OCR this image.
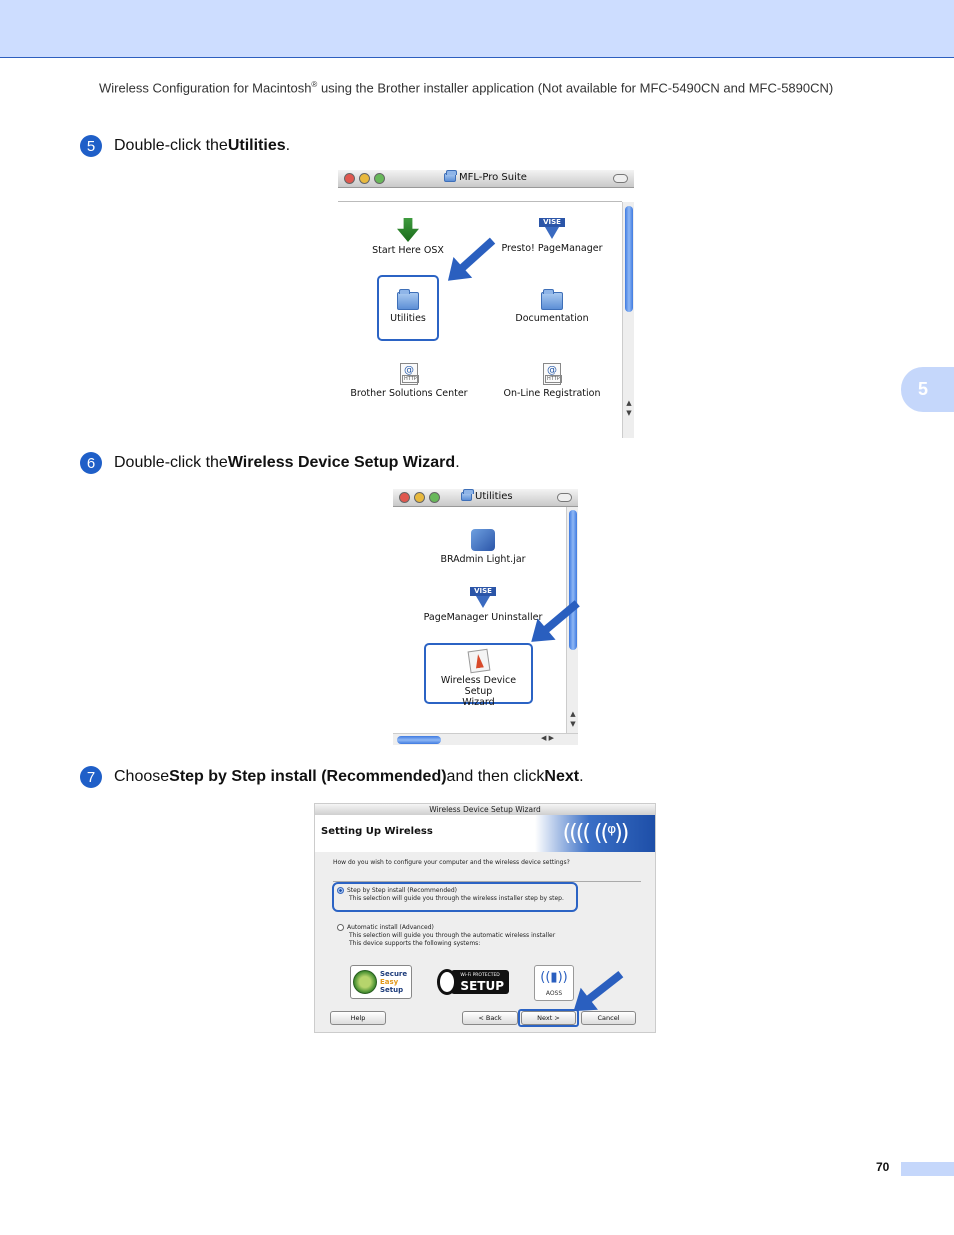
Wireless Configuration for Macintosh® using the Brother installer application (Not available for MFC-5490CN and MFC-5890CN)
5
5	Double-click the Utilities .
MFL-Pro Suite
▲
▼
Start Here OSX
VISE
Presto! PageManager
Utilities	Documentation
@
HTTP
Brother Solutions Center
@
HTTP
On-Line Registration
6	Double-click the Wireless Device Setup Wizard .
Utilities
▲
▼
◀ ▶
BRAdmin Light.jar
VISE
PageManager Uninstaller
Wireless Device Setup
Wizard
7	Choose Step by Step install (Recommended) and then click Next .
Wireless Device Setup Wizard
Setting Up Wireless	(((( ((ᵠ))
How do you wish to configure your computer and the wireless device settings?
Step by Step install (Recommended)
This selection will guide you through the wireless installer step by step.
Automatic install (Advanced)
This selection will guide you through the automatic wireless installer
This device supports the following systems:
Secure
Easy
Setup
Wi-Fi PROTECTED
SETUP
((▮))
AOSS
Help	< Back	Next >	Cancel
70
